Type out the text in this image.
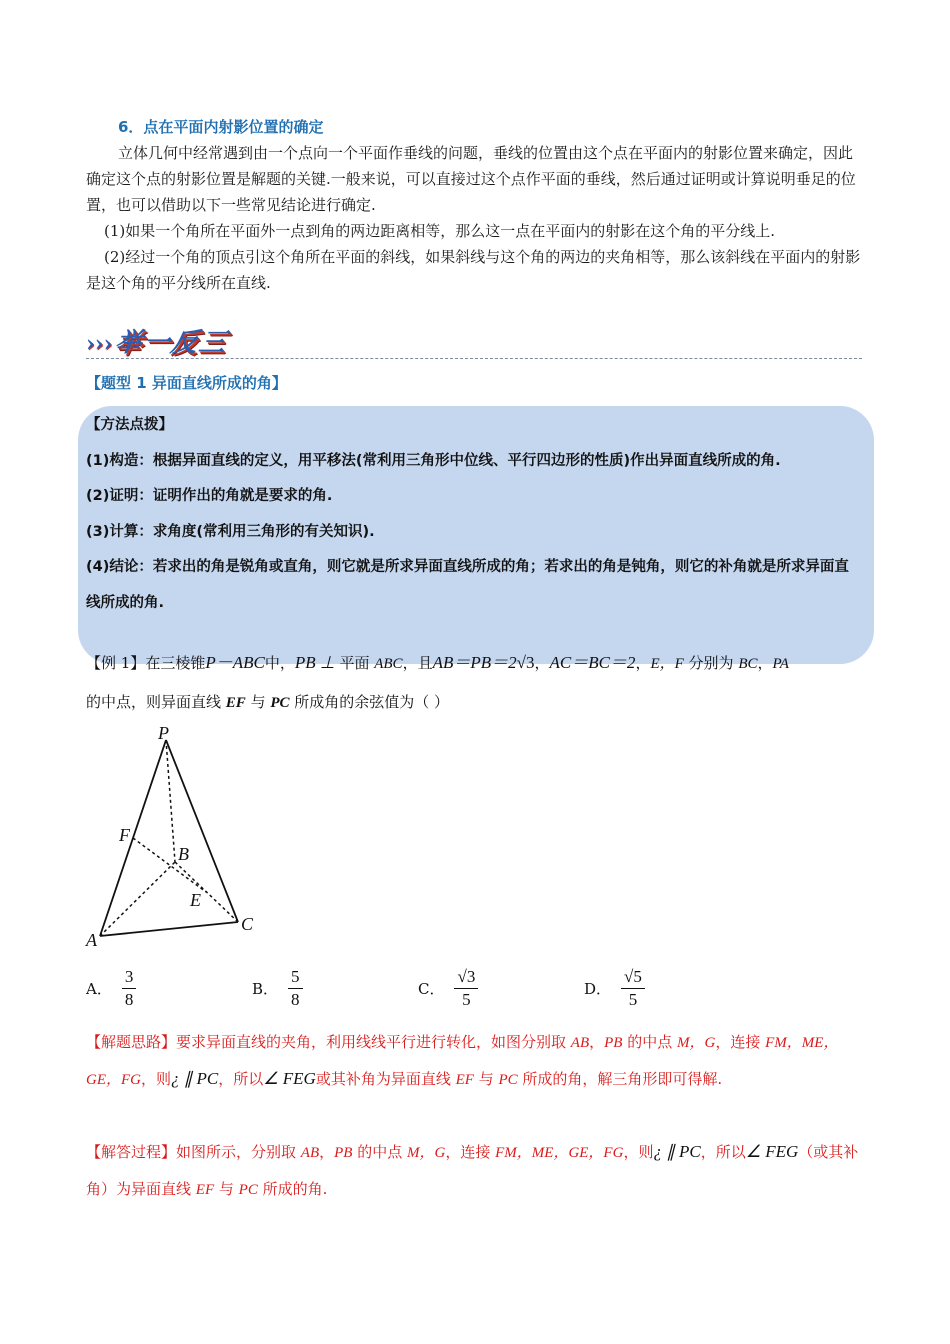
6．点在平面内射影位置的确定
立体几何中经常遇到由一个点向一个平面作垂线的问题，垂线的位置由这个点在平面内的射影位置来确定，因此确定这个点的射影位置是解题的关键.一般来说，可以直接过这个点作平面的垂线，然后通过证明或计算说明垂足的位置，也可以借助以下一些常见结论进行确定.
(1)如果一个角所在平面外一点到角的两边距离相等，那么这一点在平面内的射影在这个角的平分线上.
(2)经过一个角的顶点引这个角所在平面的斜线，如果斜线与这个角的两边的夹角相等，那么该斜线在平面内的射影是这个角的平分线所在直线.
›››举一反三
【题型 1 异面直线所成的角】
【方法点拨】
(1)构造：根据异面直线的定义，用平移法(常利用三角形中位线、平行四边形的性质)作出异面直线所成的角.
(2)证明：证明作出的角就是要求的角.
(3)计算：求角度(常利用三角形的有关知识).
(4)结论：若求出的角是锐角或直角，则它就是所求异面直线所成的角；若求出的角是钝角，则它的补角就是所求异面直线所成的角.
【例 1】在三棱锥P－ABC中，PB ⊥ 平面 ABC，且AB＝PB＝2√3，AC＝BC＝2，E，F 分别为 BC，PA
的中点，则异面直线 EF 与 PC 所成角的余弦值为（ ）
P
F
B
E
A
C
A． $\frac{3}{8}$	B． $\frac{5}{8}$	C． $\frac{√3}{5}$	D． $\frac{√5}{5}$
【解题思路】要求异面直线的夹角，利用线线平行进行转化，如图分别取 AB，PB 的中点 M，G，连接 FM，ME，GE，FG，则¿ ∥ PC，所以∠ FEG或其补角为异面直线 EF 与 PC 所成的角，解三角形即可得解.
【解答过程】如图所示，分别取 AB，PB 的中点 M，G，连接 FM，ME，GE，FG，则¿ ∥ PC，所以∠ FEG（或其补角）为异面直线 EF 与 PC 所成的角.
